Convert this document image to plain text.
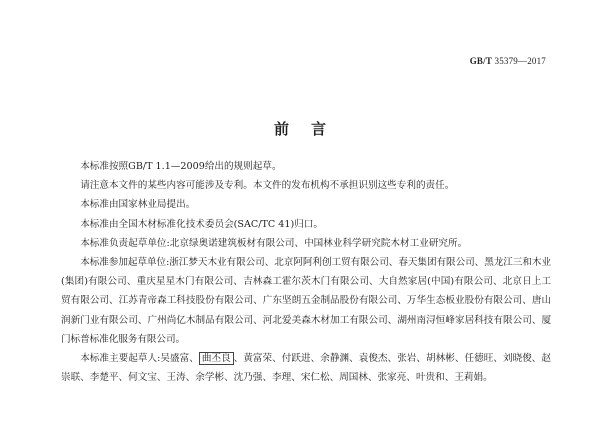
GB/T 35379—2017
前言

本标准按照GB/T 1.1—2009给出的规则起草。

请注意本文件的某些内容可能涉及专利。本文件的发布机构不承担识别这些专利的责任。

本标准由国家林业局提出。

本标准由全国木材标准化技术委员会(SAC/TC 41)归口。

本标准负责起草单位:北京绿奥诺建筑板材有限公司、中国林业科学研究院木材工业研究所。

本标准参加起草单位:浙江梦天木业有限公司、北京阿阿利创工贸有限公司、春天集团有限公司、黑龙江三和木业(集团)有限公司、重庆星星木门有限公司、吉林森工霍尔茨木门有限公司、大自然家居(中国)有限公司、北京日上工贸有限公司、江苏青帝森工科技股份有限公司、广东坚朗五金制品股份有限公司、万华生态板业股份有限公司、唐山润新门业有限公司、广州尚亿木制品有限公司、河北爱美森木材加工有限公司、湖州南浔恒峰家居科技有限公司、厦门标普标准化服务有限公司。

本标准主要起草人:吴盛富、 曲丕良 、黄富荣、付跃进、余静渊、袁俊杰、张岩、胡林彬、任德旺、刘晓俊、赵崇联、李楚平、何文宝、王涛、余学彬、沈乃强、李理、宋仁松、周国林、张家亮、叶贵和、王莉娟。
